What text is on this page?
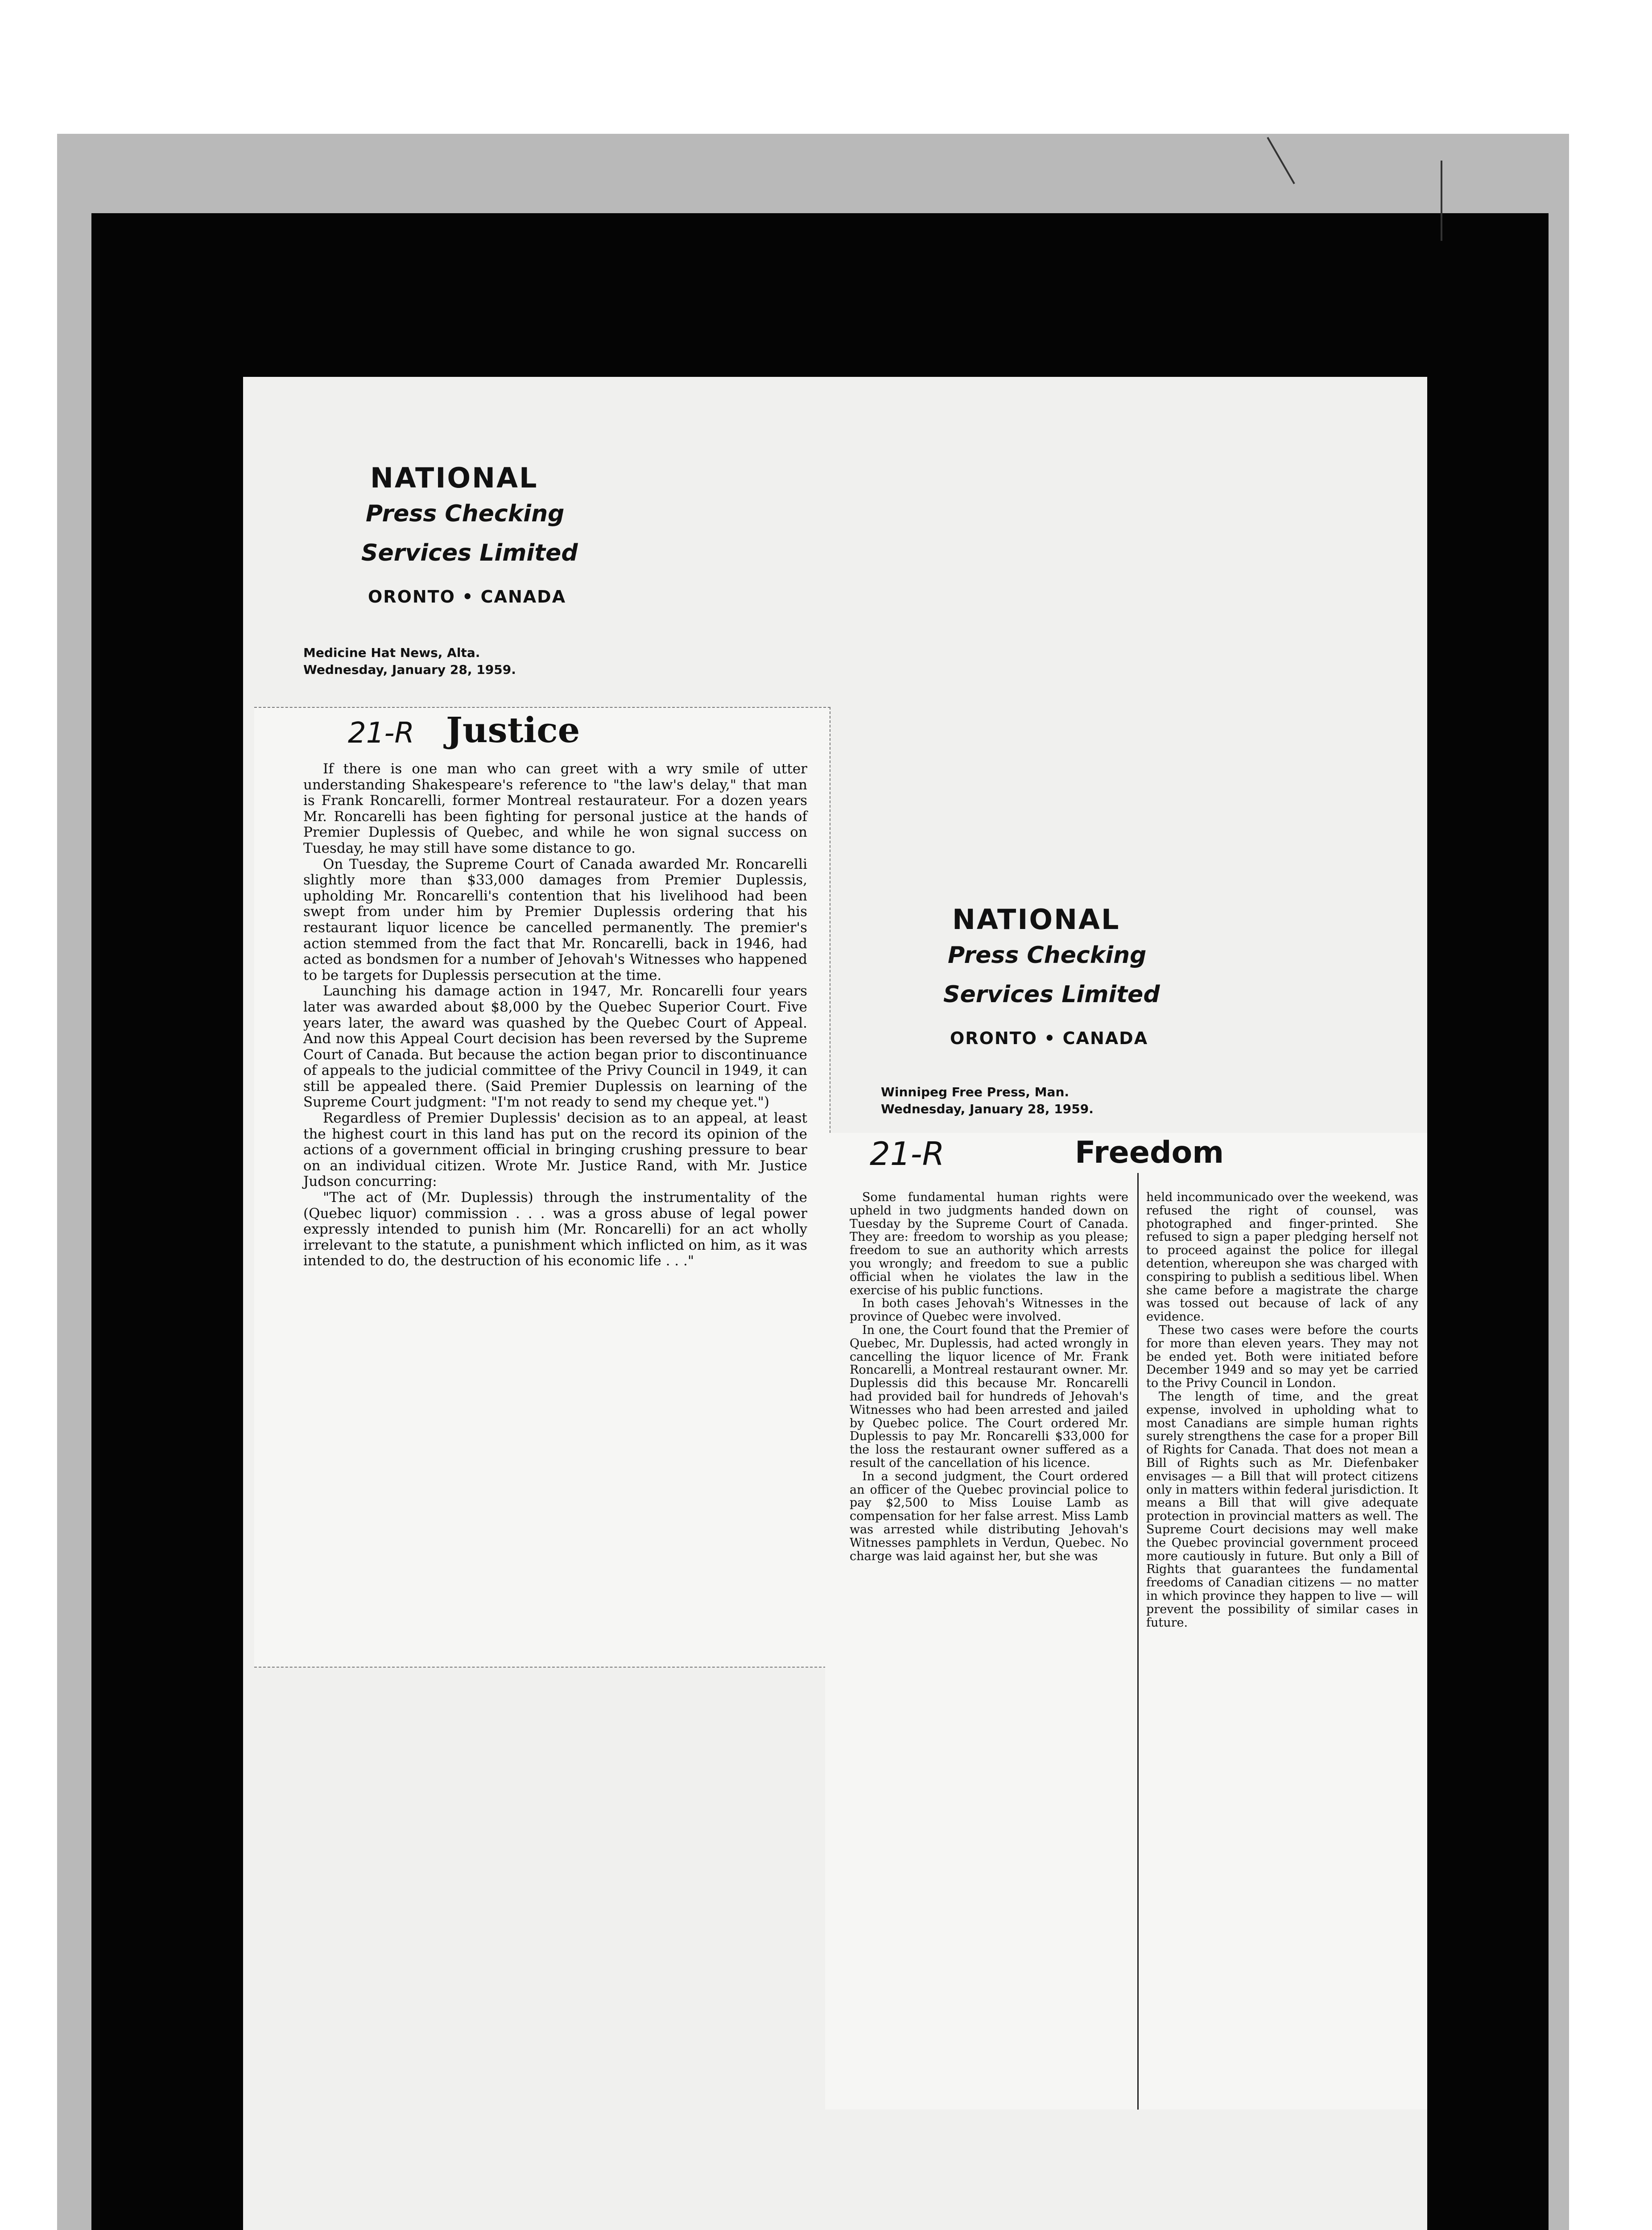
NATIONAL
Press Checking
Services Limited
ORONTO • CANADA
Medicine Hat News, Alta.
Wednesday, January 28, 1959.
21-R Justice

If there is one man who can greet with a wry smile of utter understanding Shakespeare's reference to "the law's delay," that man is Frank Roncarelli, former Montreal restaurateur. For a dozen years Mr. Roncarelli has been fighting for personal justice at the hands of Premier Duplessis of Quebec, and while he won signal success on Tuesday, he may still have some distance to go.

On Tuesday, the Supreme Court of Canada awarded Mr. Roncarelli slightly more than $33,000 damages from Premier Duplessis, upholding Mr. Roncarelli's contention that his livelihood had been swept from under him by Premier Duplessis ordering that his restaurant liquor licence be cancelled permanently. The premier's action stemmed from the fact that Mr. Roncarelli, back in 1946, had acted as bondsmen for a number of Jehovah's Witnesses who happened to be targets for Duplessis persecution at the time.

Launching his damage action in 1947, Mr. Roncarelli four years later was awarded about $8,000 by the Quebec Superior Court. Five years later, the award was quashed by the Quebec Court of Appeal. And now this Appeal Court decision has been reversed by the Supreme Court of Canada. But because the action began prior to discontinuance of appeals to the judicial committee of the Privy Council in 1949, it can still be appealed there. (Said Premier Duplessis on learning of the Supreme Court judgment: "I'm not ready to send my cheque yet.")

Regardless of Premier Duplessis' decision as to an appeal, at least the highest court in this land has put on the record its opinion of the actions of a government official in bringing crushing pressure to bear on an individual citizen. Wrote Mr. Justice Rand, with Mr. Justice Judson concurring:

"The act of (Mr. Duplessis) through the instrumentality of the (Quebec liquor) commission . . . was a gross abuse of legal power expressly intended to punish him (Mr. Roncarelli) for an act wholly irrelevant to the statute, a punishment which inflicted on him, as it was intended to do, the destruction of his economic life . . ."

NATIONAL
Press Checking
Services Limited
ORONTO • CANADA
Winnipeg Free Press, Man.
Wednesday, January 28, 1959.
21-R	Freedom

Some fundamental human rights were upheld in two judgments handed down on Tuesday by the Supreme Court of Canada. They are: freedom to worship as you please; freedom to sue an authority which arrests you wrongly; and freedom to sue a public official when he violates the law in the exercise of his public functions.

In both cases Jehovah's Witnesses in the province of Quebec were involved.

In one, the Court found that the Premier of Quebec, Mr. Duplessis, had acted wrongly in cancelling the liquor licence of Mr. Frank Roncarelli, a Montreal restaurant owner. Mr. Duplessis did this because Mr. Roncarelli had provided bail for hundreds of Jehovah's Witnesses who had been arrested and jailed by Quebec police. The Court ordered Mr. Duplessis to pay Mr. Roncarelli $33,000 for the loss the restaurant owner suffered as a result of the cancellation of his licence.

In a second judgment, the Court ordered an officer of the Quebec provincial police to pay $2,500 to Miss Louise Lamb as compensation for her false arrest. Miss Lamb was arrested while distributing Jehovah's Witnesses pamphlets in Verdun, Quebec. No charge was laid against her, but she was

held incommunicado over the weekend, was refused the right of counsel, was photographed and finger-printed. She refused to sign a paper pledging herself not to proceed against the police for illegal detention, whereupon she was charged with conspiring to publish a seditious libel. When she came before a magistrate the charge was tossed out because of lack of any evidence.

These two cases were before the courts for more than eleven years. They may not be ended yet. Both were initiated before December 1949 and so may yet be carried to the Privy Council in London.

The length of time, and the great expense, involved in upholding what to most Canadians are simple human rights surely strengthens the case for a proper Bill of Rights for Canada. That does not mean a Bill of Rights such as Mr. Diefenbaker envisages — a Bill that will protect citizens only in matters within federal jurisdiction. It means a Bill that will give adequate protection in provincial matters as well. The Supreme Court decisions may well make the Quebec provincial government proceed more cautiously in future. But only a Bill of Rights that guarantees the fundamental freedoms of Canadian citizens — no matter in which province they happen to live — will prevent the possibility of similar cases in future.
